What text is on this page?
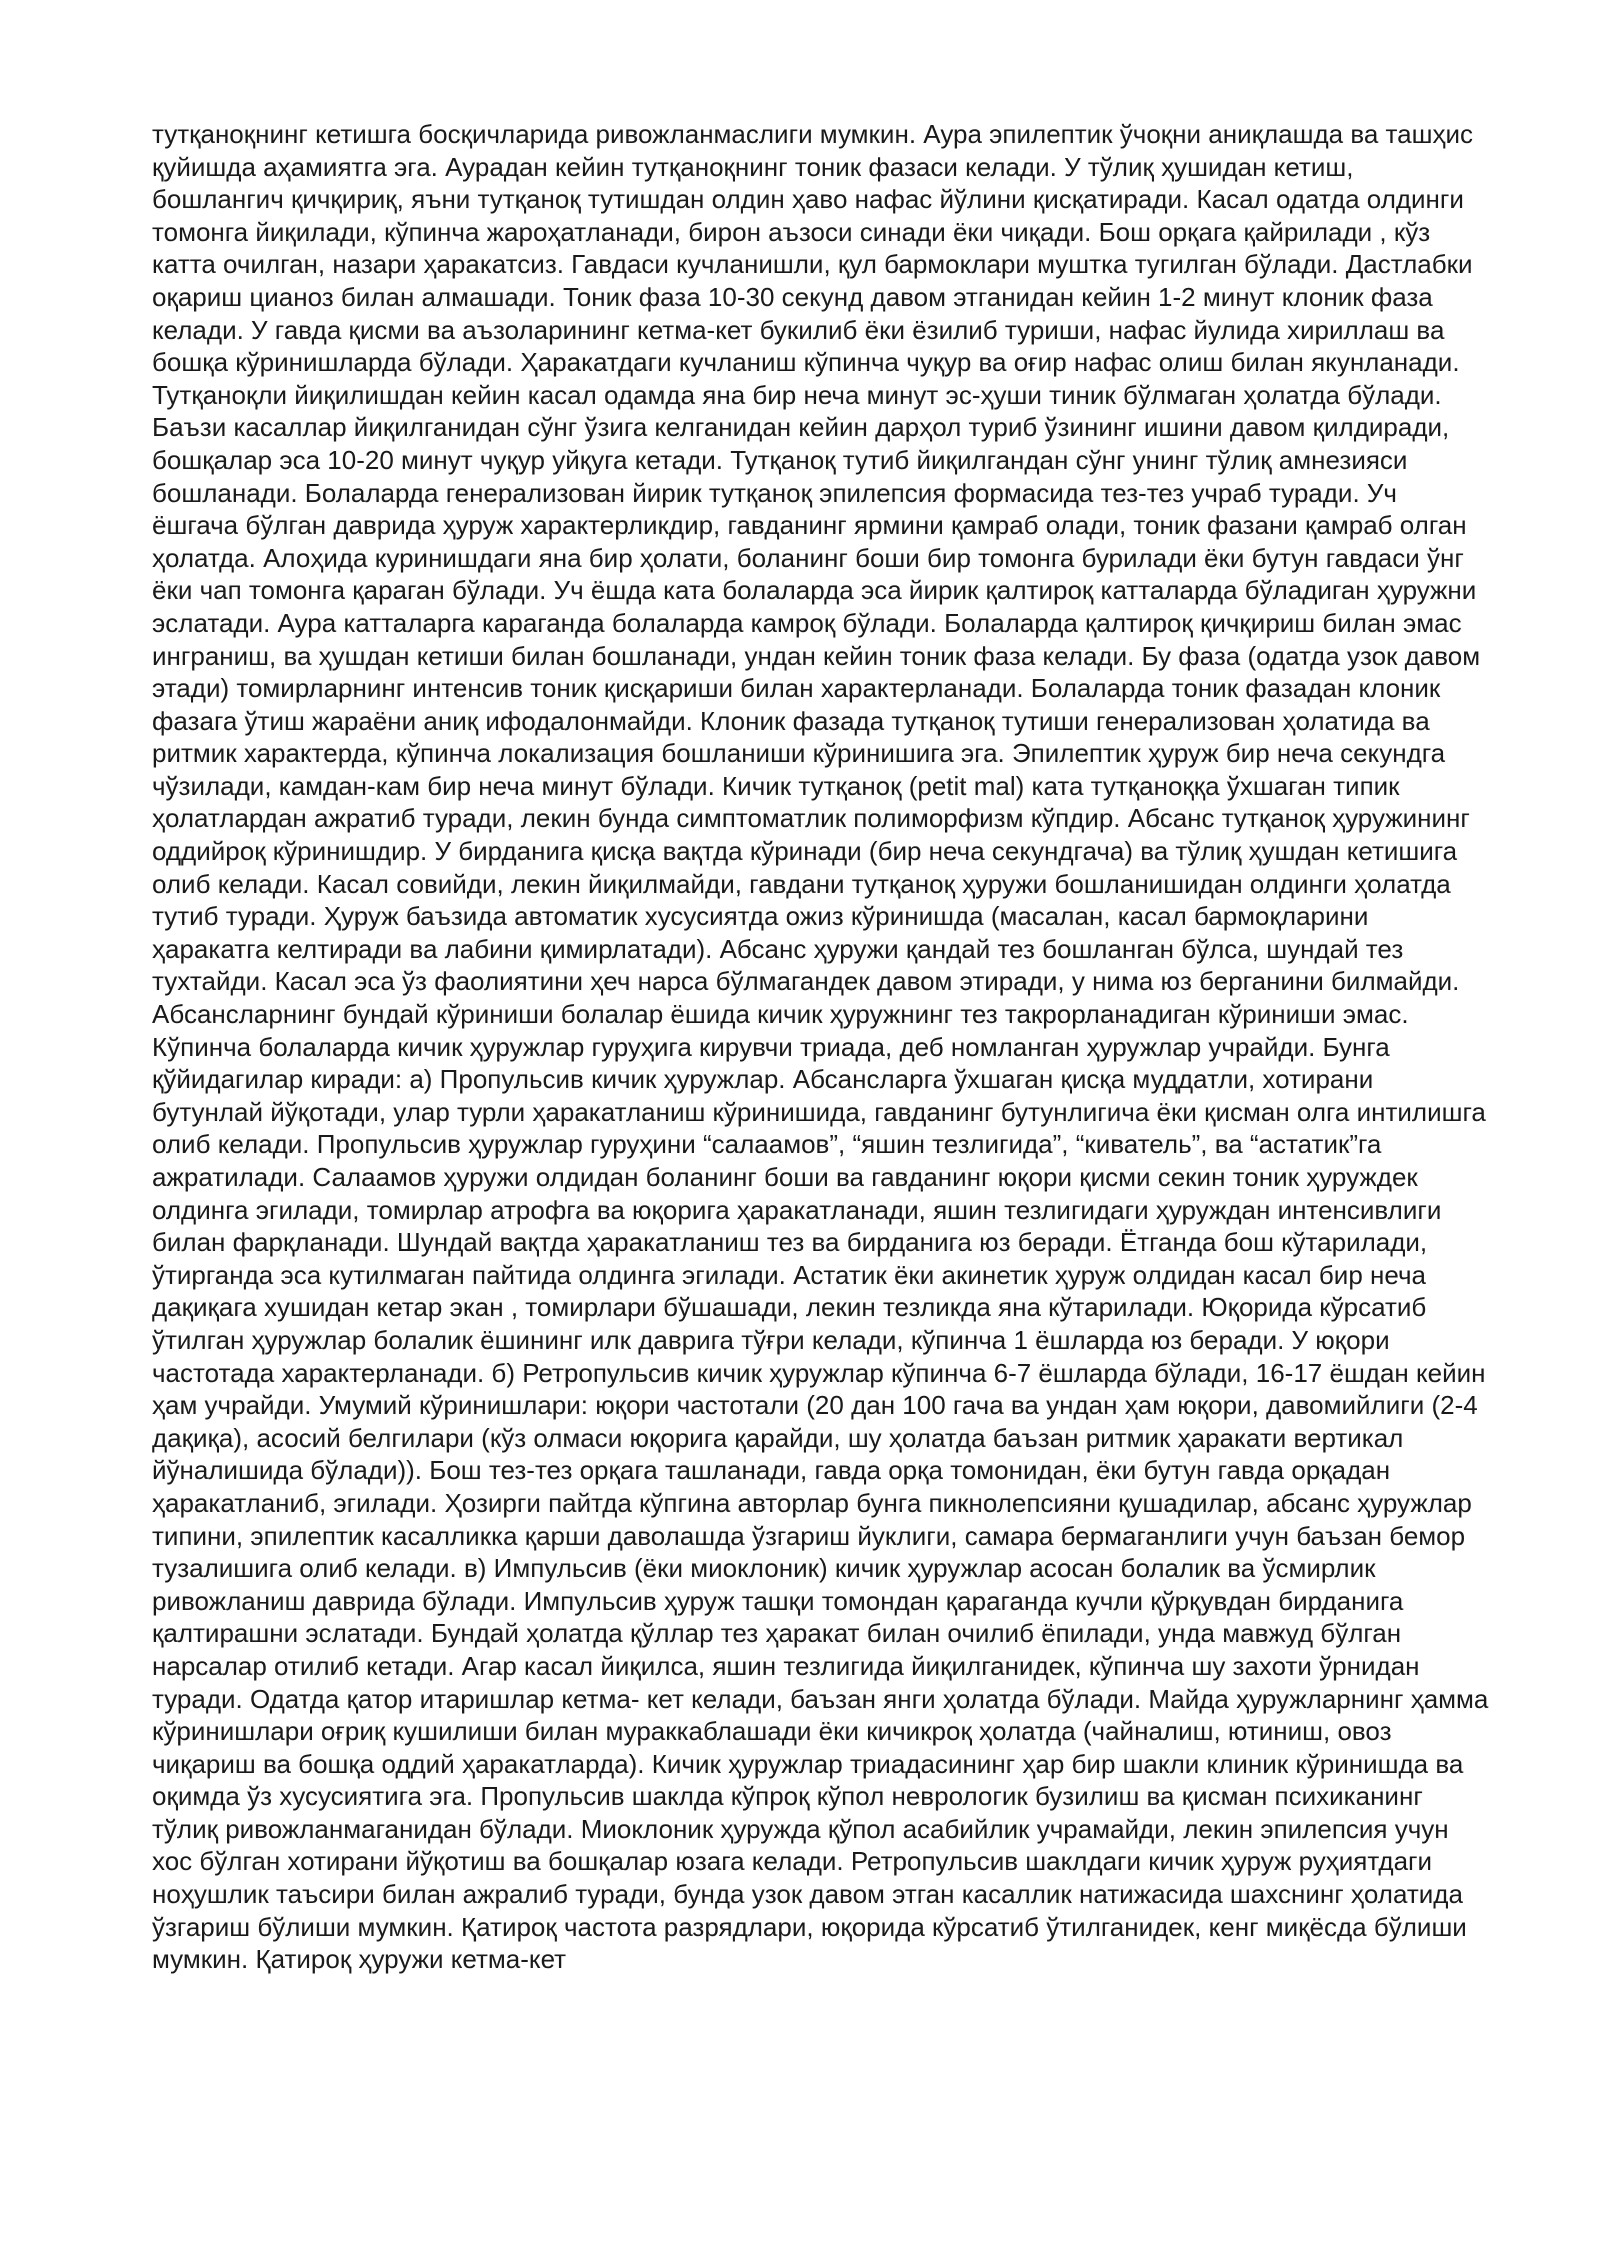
тутқаноқнинг кетишга босқичларида ривожланмаслиги мумкин. Аура эпилептик ўчоқни аниқлашда ва ташҳис қуйишда аҳамиятга эга. Аурадан кейин тутқаноқнинг тоник фазаси келади. У тўлиқ ҳушидан кетиш, бошлангич қичқириқ, яъни тутқаноқ тутишдан олдин ҳаво нафас йўлини қисқатиради. Касал одатда олдинги томонга йиқилади, кўпинча жароҳатланади, бирон аъзоси синади ёки чиқади. Бош орқага қайрилади , кўз катта очилган, назари ҳаракатсиз. Гавдаси кучланишли, қул бармоклари муштка тугилган бўлади. Дастлабки оқариш цианоз билан алмашади. Тоник фаза 10-30 секунд давом этганидан кейин 1-2 минут клоник фаза келади. У гавда қисми ва аъзоларининг кетма-кет букилиб ёки ёзилиб туриши, нафас йулида хириллаш ва бошқа кўринишларда бўлади. Ҳаракатдаги кучланиш кўпинча чуқур ва оғир нафас олиш билан якунланади. Тутқаноқли йиқилишдан кейин касал одамда яна бир неча минут эс-ҳуши тиник бўлмаган ҳолатда бўлади. Баъзи касаллар йиқилганидан сўнг ўзига келганидан кейин дарҳол туриб ўзининг ишини давом қилдиради, бошқалар эса 10-20 минут чуқур уйқуга кетади. Тутқаноқ тутиб йиқилгандан сўнг унинг тўлиқ амнезияси бошланади. Болаларда генерализован йирик тутқаноқ эпилепсия формасида тез-тез учраб туради. Уч ёшгача бўлган даврида ҳуруж характерликдир, гавданинг ярмини қамраб олади, тоник фазани қамраб олган ҳолатда. Алоҳида куринишдаги яна бир ҳолати, боланинг боши бир томонга бурилади ёки бутун гавдаси ўнг ёки чап томонга қараган бўлади. Уч ёшда ката болаларда эса йирик қалтироқ катталарда бўладиган ҳуружни эслатади. Аура катталарга караганда болаларда камроқ бўлади. Болаларда қалтироқ қичқириш билан эмас инграниш, ва ҳушдан кетиши билан бошланади, ундан кейин тоник фаза келади. Бу фаза (одатда узок давом этади) томирларнинг интенсив тоник қисқариши билан характерланади. Болаларда тоник фазадан клоник фазага ўтиш жараёни аниқ ифодалонмайди. Клоник фазада тутқаноқ тутиши генерализован ҳолатида ва ритмик характерда, кўпинча локализация бошланиши кўринишига эга. Эпилептик ҳуруж бир неча секундга чўзилади, камдан-кам бир неча минут бўлади. Кичик тутқаноқ (petit mal) ката тутқаноққа ўхшаган типик ҳолатлардан ажратиб туради, лекин бунда симптоматлик полиморфизм кўпдир. Абсанс тутқаноқ ҳуружининг оддийроқ кўринишдир. У бирданига қисқа вақтда кўринади (бир неча секундгача) ва тўлиқ ҳушдан кетишига олиб келади. Касал совийди, лекин йиқилмайди, гавдани тутқаноқ ҳуружи бошланишидан олдинги ҳолатда тутиб туради. Ҳуруж баъзида автоматик хусусиятда ожиз кўринишда (масалан, касал бармоқларини ҳаракатга келтиради ва лабини қимирлатади). Абсанс ҳуружи қандай тез бошланган бўлса, шундай тез тухтайди. Касал эса ўз фаолиятини ҳеч нарса бўлмагандек давом этиради, у нима юз берганини билмайди. Абсансларнинг бундай кўриниши болалар ёшида кичик ҳуружнинг тез такрорланадиган кўриниши эмас. Кўпинча болаларда кичик ҳуружлар гуруҳига кирувчи триада, деб номланган ҳуружлар учрайди. Бунга қўйидагилар киради: а) Пропульсив кичик ҳуружлар. Абсансларга ўхшаган қисқа муддатли, хотирани бутунлай йўқотади, улар турли ҳаракатланиш кўринишида, гавданинг бутунлигича ёки қисман олга интилишга олиб келади. Пропульсив ҳуружлар гуруҳини “салаамов”, “яшин тезлигида”, “киватель”, ва “астатик”га ажратилади. Салаамов ҳуружи олдидан боланинг боши ва гавданинг юқори қисми секин тоник ҳуруждек олдинга эгилади, томирлар атрофга ва юқорига ҳаракатланади, яшин тезлигидаги ҳуруждан интенсивлиги билан фарқланади. Шундай вақтда ҳаракатланиш тез ва бирданига юз беради. Ётганда бош кўтарилади, ўтирганда эса кутилмаган пайтида олдинга эгилади. Астатик ёки акинетик ҳуруж олдидан касал бир неча дақиқага хушидан кетар экан , томирлари бўшашади, лекин тезликда яна кўтарилади. Юқорида кўрсатиб ўтилган ҳуружлар болалик ёшининг илк даврига тўғри келади, кўпинча 1 ёшларда юз беради. У юқори частотада характерланади. б) Ретропульсив кичик ҳуружлар кўпинча 6-7 ёшларда бўлади, 16-17 ёшдан кейин ҳам учрайди. Умумий кўринишлари: юқори частотали (20 дан 100 гача ва ундан ҳам юқори, давомийлиги (2-4 дақиқа), асосий белгилари (кўз олмаси юқорига қарайди, шу ҳолатда баъзан ритмик ҳаракати вертикал йўналишида бўлади)). Бош тез-тез орқага ташланади, гавда орқа томонидан, ёки бутун гавда орқадан ҳаракатланиб, эгилади. Ҳозирги пайтда кўпгина авторлар бунга пикнолепсияни қушадилар, абсанс ҳуружлар типини, эпилептик касалликка қарши даволашда ўзгариш йуклиги, самара бермаганлиги учун баъзан бемор тузалишига олиб келади. в) Импульсив (ёки миоклоник) кичик ҳуружлар асосан болалик ва ўсмирлик ривожланиш даврида бўлади. Импульсив ҳуруж ташқи томондан қараганда кучли қўрқувдан бирданига қалтирашни эслатади. Бундай ҳолатда қўллар тез ҳаракат билан очилиб ёпилади, унда мавжуд бўлган нарсалар отилиб кетади. Агар касал йиқилса, яшин тезлигида йиқилганидек, кўпинча шу захоти ўрнидан туради. Одатда қатор итаришлар кетма- кет келади, баъзан янги ҳолатда бўлади. Майда ҳуружларнинг ҳамма кўринишлари оғриқ кушилиши билан мураккаблашади ёки кичикроқ ҳолатда (чайналиш, ютиниш, овоз чиқариш ва бошқа оддий ҳаракатларда). Кичик ҳуружлар триадасининг ҳар бир шакли клиник кўринишда ва оқимда ўз хусусиятига эга. Пропульсив шаклда кўпроқ кўпол неврологик бузилиш ва қисман психиканинг тўлиқ ривожланмаганидан бўлади. Миоклоник ҳуружда қўпол асабийлик учрамайди, лекин эпилепсия учун хос бўлган хотирани йўқотиш ва бошқалар юзага келади. Ретропульсив шаклдаги кичик ҳуруж руҳиятдаги ноҳушлик таъсири билан ажралиб туради, бунда узок давом этган касаллик натижасида шахснинг ҳолатида ўзгариш бўлиши мумкин. Қатироқ частота разрядлари, юқорида кўрсатиб ўтилганидек, кенг миқёсда бўлиши мумкин. Қатироқ ҳуружи кетма-кет
